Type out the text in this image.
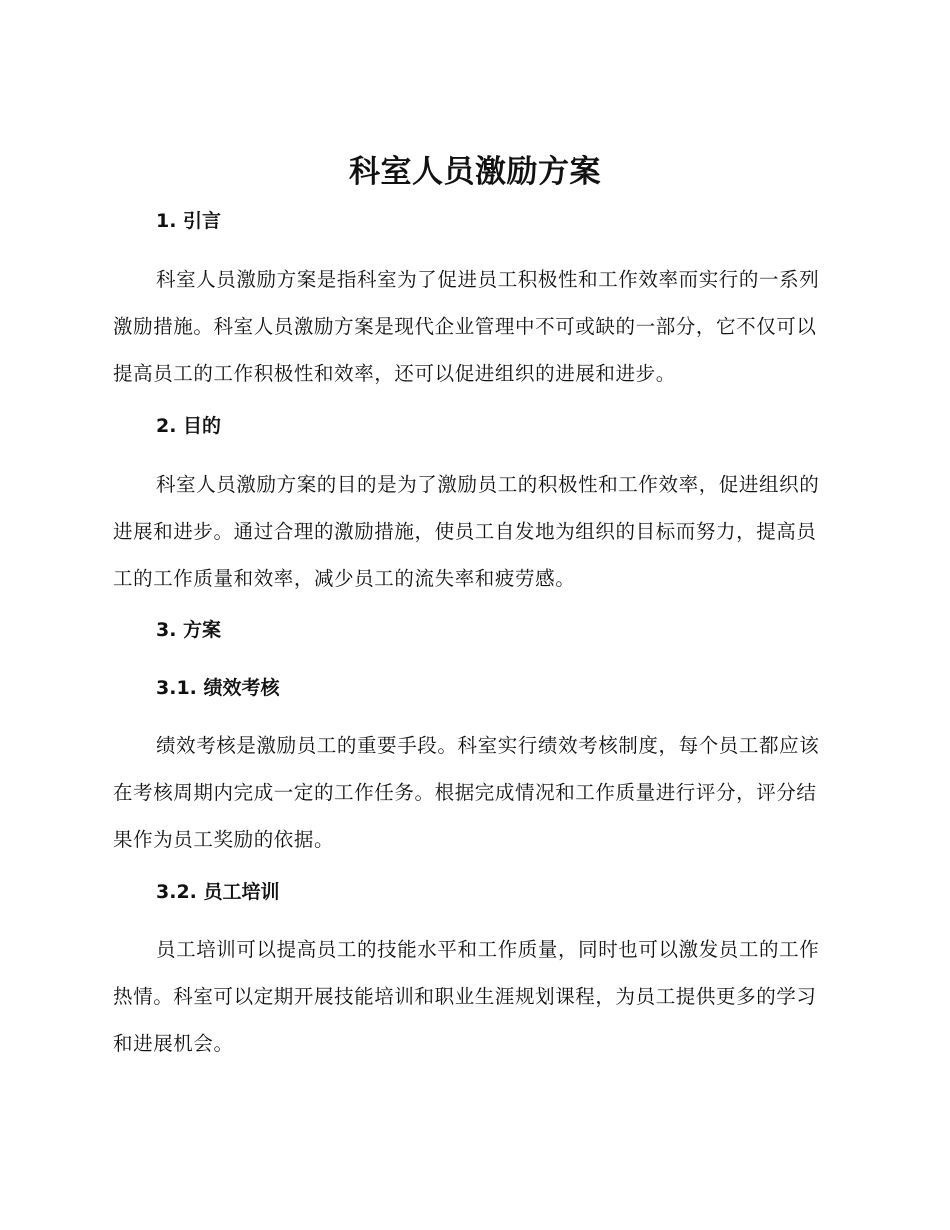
科室人员激励方案
1. 引言

科室人员激励方案是指科室为了促进员工积极性和工作效率而实行的一系列激励措施。科室人员激励方案是现代企业管理中不可或缺的一部分，它不仅可以提高员工的工作积极性和效率，还可以促进组织的进展和进步。

2. 目的

科室人员激励方案的目的是为了激励员工的积极性和工作效率，促进组织的进展和进步。通过合理的激励措施，使员工自发地为组织的目标而努力，提高员工的工作质量和效率，减少员工的流失率和疲劳感。

3. 方案
3.1. 绩效考核

绩效考核是激励员工的重要手段。科室实行绩效考核制度，每个员工都应该在考核周期内完成一定的工作任务。根据完成情况和工作质量进行评分，评分结果作为员工奖励的依据。

3.2. 员工培训

员工培训可以提高员工的技能水平和工作质量，同时也可以激发员工的工作热情。科室可以定期开展技能培训和职业生涯规划课程，为员工提供更多的学习和进展机会。
